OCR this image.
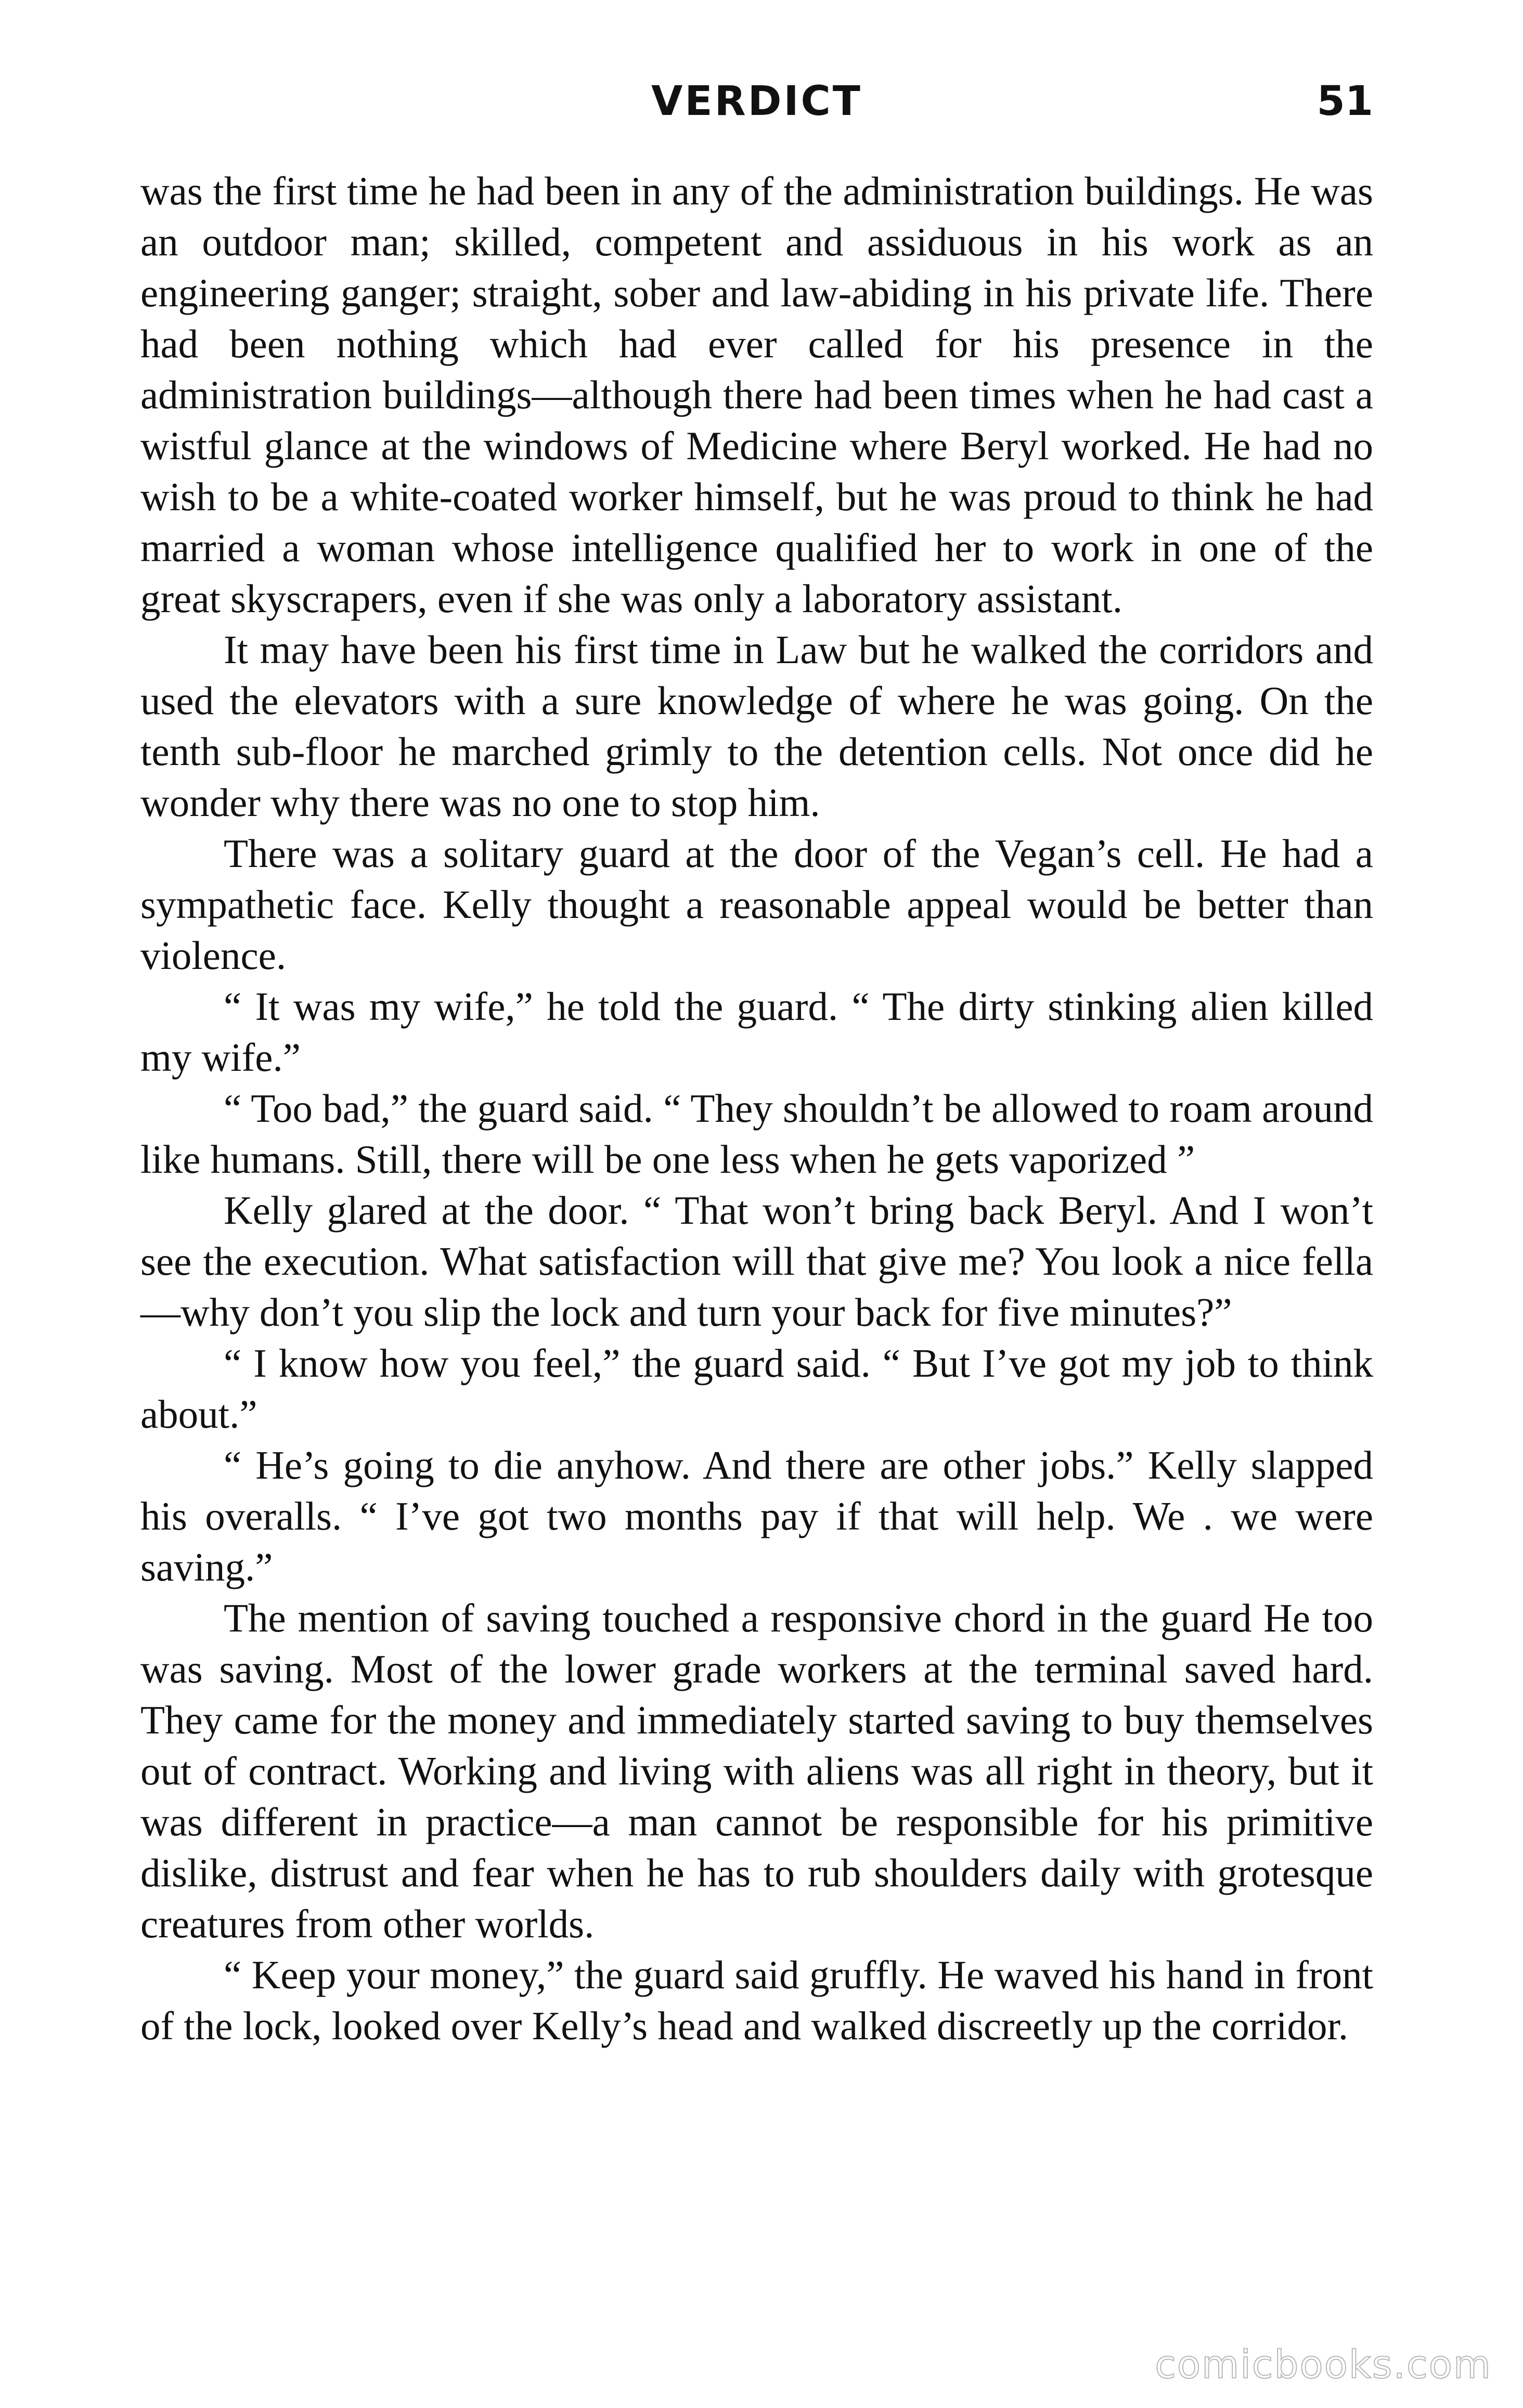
VERDICT	51

was the first time he had been in any of the administration buildings. He was an outdoor man; skilled, competent and assiduous in his work as an engineering ganger; straight, sober and law-abiding in his private life. There had been nothing which had ever called for his presence in the administration buildings—although there had been times when he had cast a wistful glance at the windows of Medicine where Beryl worked. He had no wish to be a white-coated worker himself, but he was proud to think he had married a woman whose intelligence qualified her to work in one of the great skyscrapers, even if she was only a laboratory assistant.

It may have been his first time in Law but he walked the corridors and used the elevators with a sure knowledge of where he was going. On the tenth sub-floor he marched grimly to the detention cells. Not once did he wonder why there was no one to stop him.

There was a solitary guard at the door of the Vegan’s cell. He had a sympathetic face. Kelly thought a reasonable appeal would be better than violence.

“ It was my wife,” he told the guard. “ The dirty stinking alien killed my wife.”

“ Too bad,” the guard said. “ They shouldn’t be allowed to roam around like humans. Still, there will be one less when he gets vaporized ”

Kelly glared at the door. “ That won’t bring back Beryl. And I won’t see the execution. What satisfaction will that give me? You look a nice fella—why don’t you slip the lock and turn your back for five minutes?”

“ I know how you feel,” the guard said. “ But I’ve got my job to think about.”

“ He’s going to die anyhow. And there are other jobs.” Kelly slapped his overalls. “ I’ve got two months pay if that will help. We . we were saving.”

The mention of saving touched a responsive chord in the guard He too was saving. Most of the lower grade workers at the terminal saved hard. They came for the money and immediately started saving to buy themselves out of contract. Working and living with aliens was all right in theory, but it was different in practice—a man cannot be responsible for his primitive dislike, distrust and fear when he has to rub shoulders daily with grotesque creatures from other worlds.

“ Keep your money,” the guard said gruffly. He waved his hand in front of the lock, looked over Kelly’s head and walked discreetly up the corridor.

comicbooks.com
